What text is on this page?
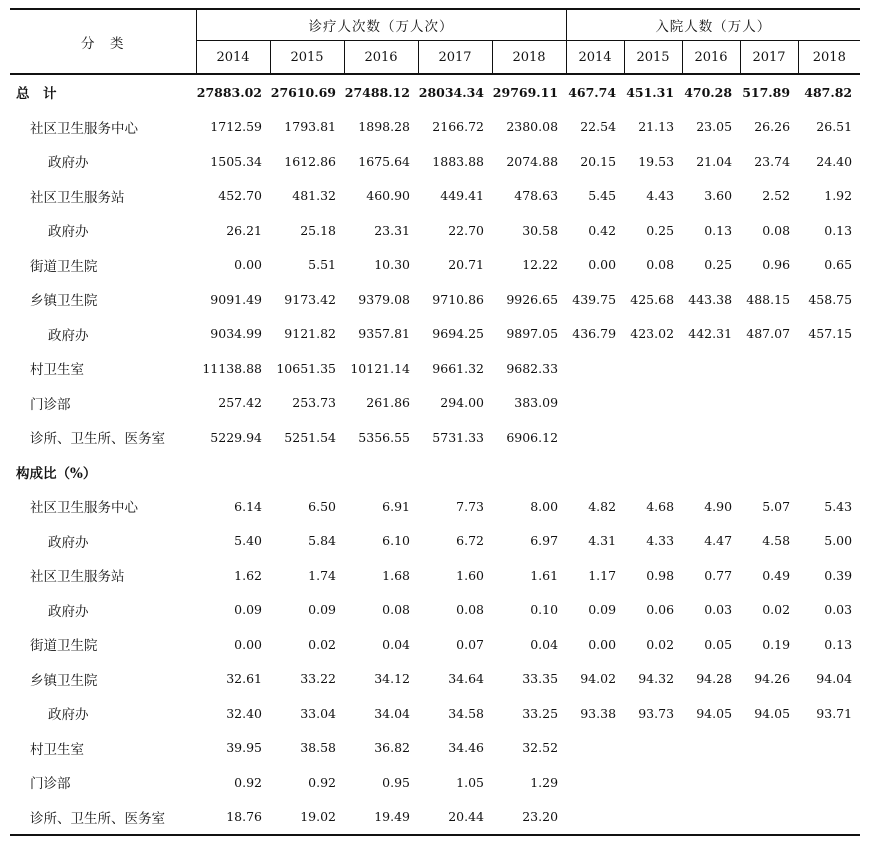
分　类	诊疗人次数（万人次）					入院人数（万人）				
	2014	2015	2016	2017	2018	2014	2015	2016	2017	2018
总　计	27883.02	27610.69	27488.12	28034.34	29769.11	467.74	451.31	470.28	517.89	487.82
社区卫生服务中心	1712.59	1793.81	1898.28	2166.72	2380.08	22.54	21.13	23.05	26.26	26.51
政府办	1505.34	1612.86	1675.64	1883.88	2074.88	20.15	19.53	21.04	23.74	24.40
社区卫生服务站	452.70	481.32	460.90	449.41	478.63	5.45	4.43	3.60	2.52	1.92
政府办	26.21	25.18	23.31	22.70	30.58	0.42	0.25	0.13	0.08	0.13
街道卫生院	0.00	5.51	10.30	20.71	12.22	0.00	0.08	0.25	0.96	0.65
乡镇卫生院	9091.49	9173.42	9379.08	9710.86	9926.65	439.75	425.68	443.38	488.15	458.75
政府办	9034.99	9121.82	9357.81	9694.25	9897.05	436.79	423.02	442.31	487.07	457.15
村卫生室	11138.88	10651.35	10121.14	9661.32	9682.33					
门诊部	257.42	253.73	261.86	294.00	383.09					
诊所、卫生所、医务室	5229.94	5251.54	5356.55	5731.33	6906.12					
构成比（%）										
社区卫生服务中心	6.14	6.50	6.91	7.73	8.00	4.82	4.68	4.90	5.07	5.43
政府办	5.40	5.84	6.10	6.72	6.97	4.31	4.33	4.47	4.58	5.00
社区卫生服务站	1.62	1.74	1.68	1.60	1.61	1.17	0.98	0.77	0.49	0.39
政府办	0.09	0.09	0.08	0.08	0.10	0.09	0.06	0.03	0.02	0.03
街道卫生院	0.00	0.02	0.04	0.07	0.04	0.00	0.02	0.05	0.19	0.13
乡镇卫生院	32.61	33.22	34.12	34.64	33.35	94.02	94.32	94.28	94.26	94.04
政府办	32.40	33.04	34.04	34.58	33.25	93.38	93.73	94.05	94.05	93.71
村卫生室	39.95	38.58	36.82	34.46	32.52					
门诊部	0.92	0.92	0.95	1.05	1.29					
诊所、卫生所、医务室	18.76	19.02	19.49	20.44	23.20					
